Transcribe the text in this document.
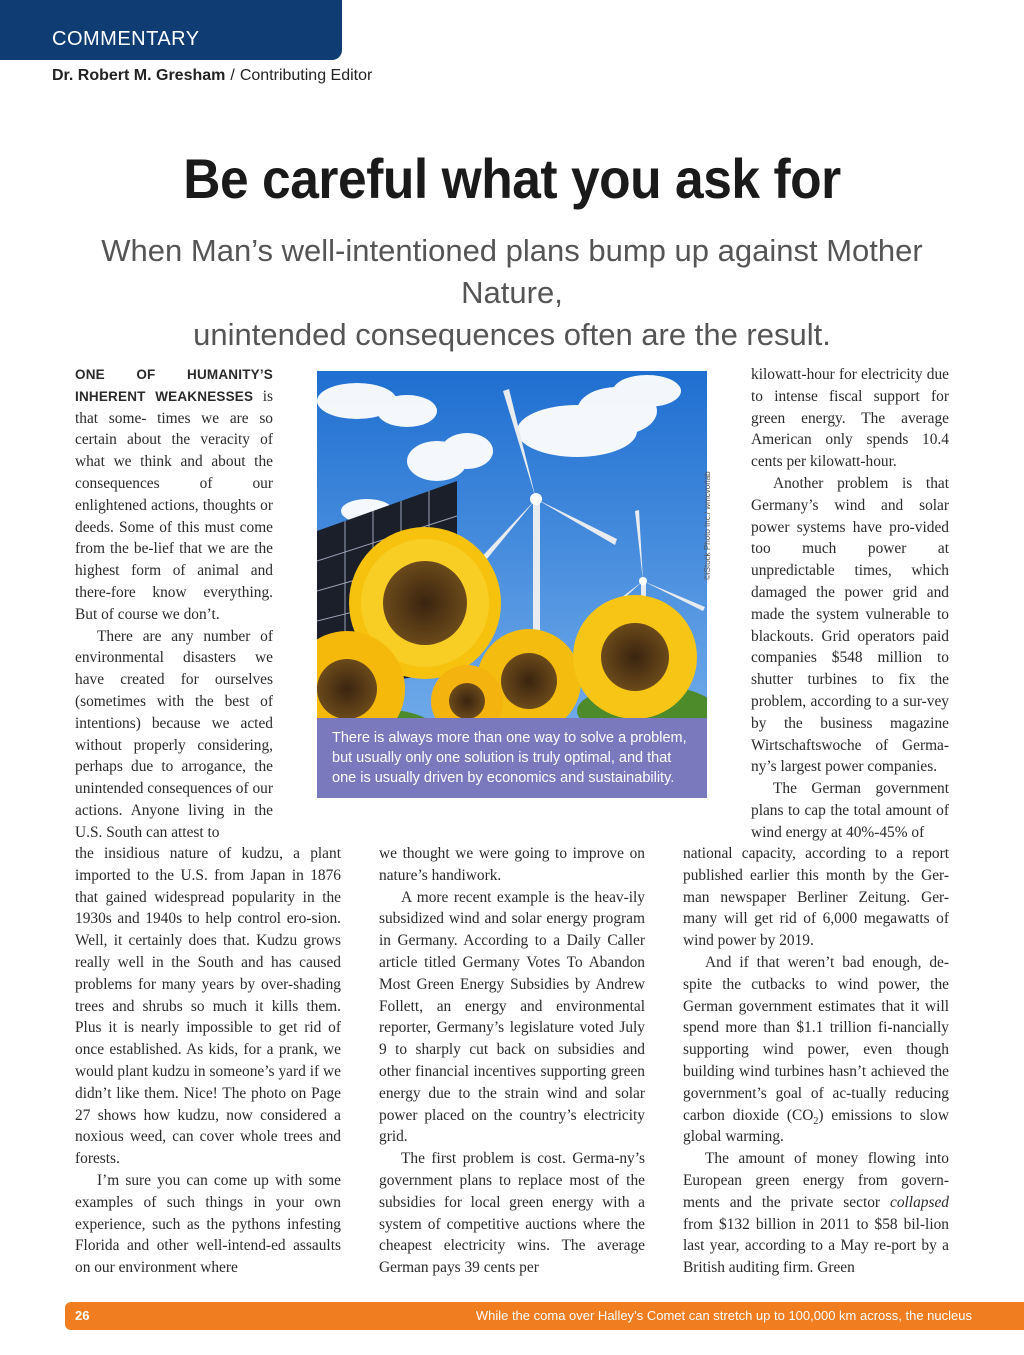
COMMENTARY
Dr. Robert M. Gresham / Contributing Editor
Be careful what you ask for
When Man’s well-intentioned plans bump up against Mother Nature,
unintended consequences often are the result.

ONE OF HUMANITY’S INHERENT WEAKNESSES is that some- times we are so certain about the veracity of what we think and about the consequences	of our enlightened actions, thoughts or deeds. Some of this must come from the be-lief that we are the highest form of animal and there-fore know everything. But of course we don’t.

There are any number of environmental disasters we have created for ourselves (sometimes with the best of intentions) because we acted without properly considering, perhaps due to arrogance, the unintended consequences of our actions. Anyone living in the U.S. South can attest to

the insidious nature of kudzu, a plant imported to the U.S. from Japan in 1876 that gained widespread popularity in the 1930s and 1940s to help control ero-sion. Well, it certainly does that. Kudzu grows really well in the South and has caused problems for many years by over-shading trees and shrubs so much it kills them. Plus it is nearly impossible to get rid of once established. As kids, for a prank, we would plant kudzu in someone’s yard if we didn’t like them. Nice! The photo on Page 27 shows how kudzu, now considered a noxious weed, can cover whole trees and forests.

I’m sure you can come up with some examples of such things in your own experience, such as the pythons infesting Florida and other well-intend-ed assaults on our environment where

©iStock Photo Inc./ wmcvorlab
There is always more than one way to solve a problem, but usually only one solution is truly optimal, and that one is usually driven by economics and sustainability.

we thought we were going to improve on nature’s handiwork.

A more recent example is the heav-ily subsidized wind and solar energy program in Germany. According to a Daily Caller article titled Germany Votes To Abandon Most Green Energy Subsidies by Andrew Follett, an energy and environmental reporter, Germany’s legislature voted July 9 to sharply cut back on subsidies and other financial incentives supporting green energy due to the strain wind and solar power placed on the country’s electricity grid.

The first problem is cost. Germa-ny’s government plans to replace most of the subsidies for local green energy with a system of competitive auctions where the cheapest electricity wins. The average German pays 39 cents per

kilowatt-hour for electricity due to intense fiscal support for green energy. The average American only spends 10.4 cents per kilowatt-hour.

Another problem is that Germany’s wind and solar power systems have pro-vided too much power at unpredictable times, which damaged the power grid and made the system vulnerable to blackouts. Grid operators paid companies $548 million to shutter turbines to fix the problem, according to a sur-vey by the business magazine Wirtschaftswoche of Germa-ny’s largest power companies.

The German government plans to cap the total amount of wind energy at 40%-45% of

national capacity, according to a report published earlier this month by the Ger-man newspaper Berliner Zeitung. Ger-many will get rid of 6,000 megawatts of wind power by 2019.

And if that weren’t bad enough, de-spite the cutbacks to wind power, the German government estimates that it will spend more than $1.1 trillion fi-nancially supporting wind power, even though building wind turbines hasn’t achieved the government’s goal of ac-tually reducing carbon dioxide $(CO_2)$ emissions to slow global warming.

The amount of money flowing into European green energy from govern- ments and the private sector collapsed from $132 billion in 2011 to $58 bil-lion last year, according to a May re-port by a British auditing firm. Green

26	While the coma over Halley’s Comet can stretch up to 100,000 km across, the nucleus
